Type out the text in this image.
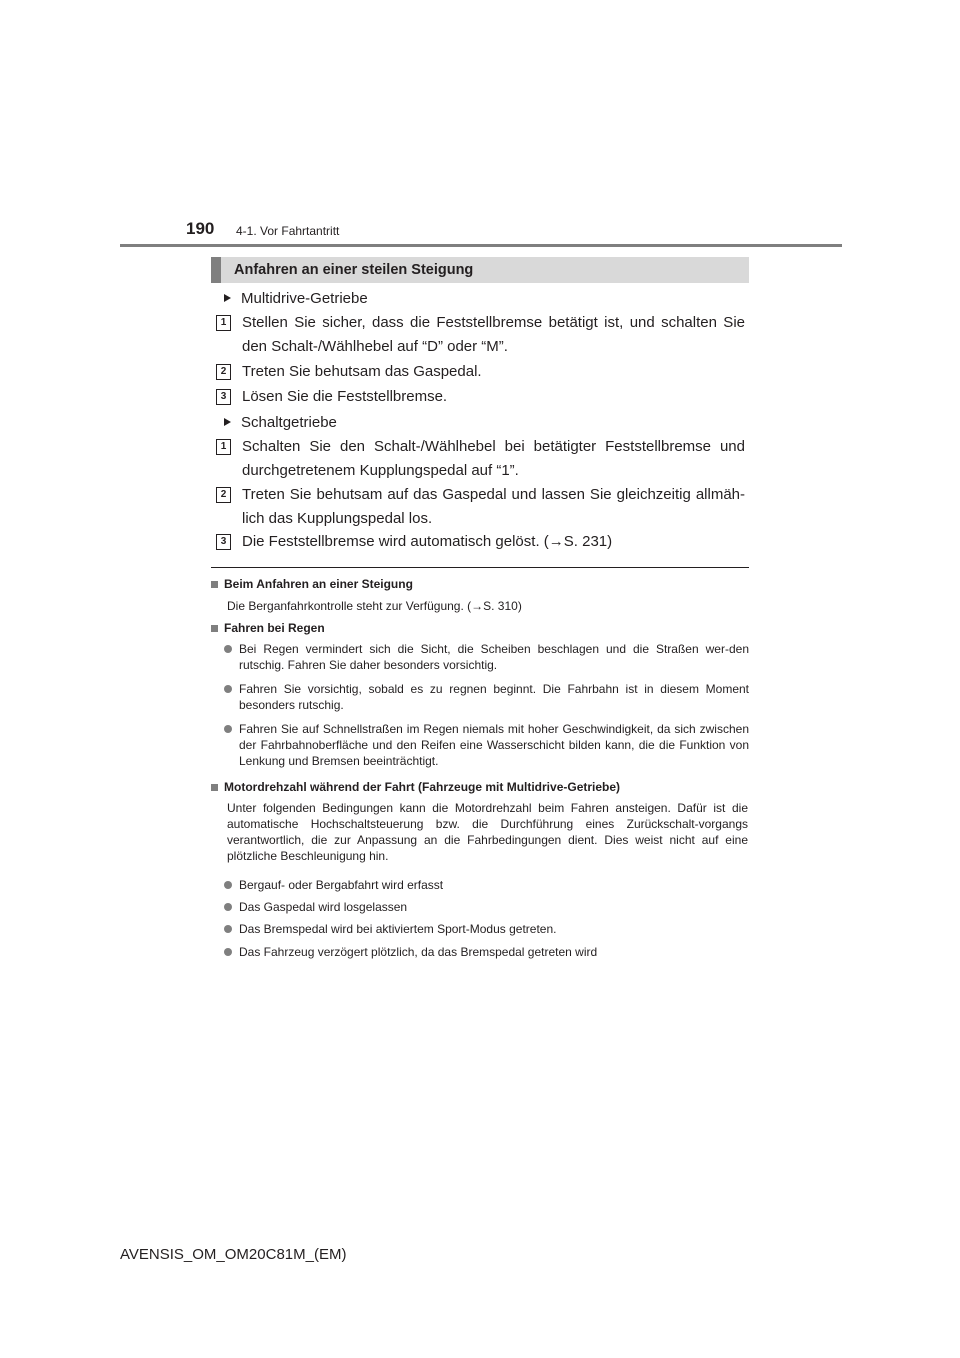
190 4-1. Vor Fahrtantritt
Anfahren an einer steilen Steigung
Multidrive-Getriebe
1	Stellen Sie sicher, dass die Feststellbremse betätigt ist, und schalten Sie den Schalt-/Wählhebel auf “D” oder “M”.
2	Treten Sie behutsam das Gaspedal.
3	Lösen Sie die Feststellbremse.
Schaltgetriebe
1	Schalten Sie den Schalt-/Wählhebel bei betätigter Feststellbremse und durchgetretenem Kupplungspedal auf “1”.
2	Treten Sie behutsam auf das Gaspedal und lassen Sie gleichzeitig allmäh-lich das Kupplungspedal los.
3	Die Feststellbremse wird automatisch gelöst. (→S. 231)
Beim Anfahren an einer Steigung
Die Berganfahrkontrolle steht zur Verfügung. (→S. 310)
Fahren bei Regen
Bei Regen vermindert sich die Sicht, die Scheiben beschlagen und die Straßen wer-den rutschig. Fahren Sie daher besonders vorsichtig.
Fahren Sie vorsichtig, sobald es zu regnen beginnt. Die Fahrbahn ist in diesem Moment besonders rutschig.
Fahren Sie auf Schnellstraßen im Regen niemals mit hoher Geschwindigkeit, da sich zwischen der Fahrbahnoberfläche und den Reifen eine Wasserschicht bilden kann, die die Funktion von Lenkung und Bremsen beeinträchtigt.
Motordrehzahl während der Fahrt (Fahrzeuge mit Multidrive-Getriebe)
Unter folgenden Bedingungen kann die Motordrehzahl beim Fahren ansteigen. Dafür ist die automatische Hochschaltsteuerung bzw. die Durchführung eines Zurückschalt-vorgangs verantwortlich, die zur Anpassung an die Fahrbedingungen dient. Dies weist nicht auf eine plötzliche Beschleunigung hin.
Bergauf- oder Bergabfahrt wird erfasst
Das Gaspedal wird losgelassen
Das Bremspedal wird bei aktiviertem Sport-Modus getreten.
Das Fahrzeug verzögert plötzlich, da das Bremspedal getreten wird
AVENSIS_OM_OM20C81M_(EM)
